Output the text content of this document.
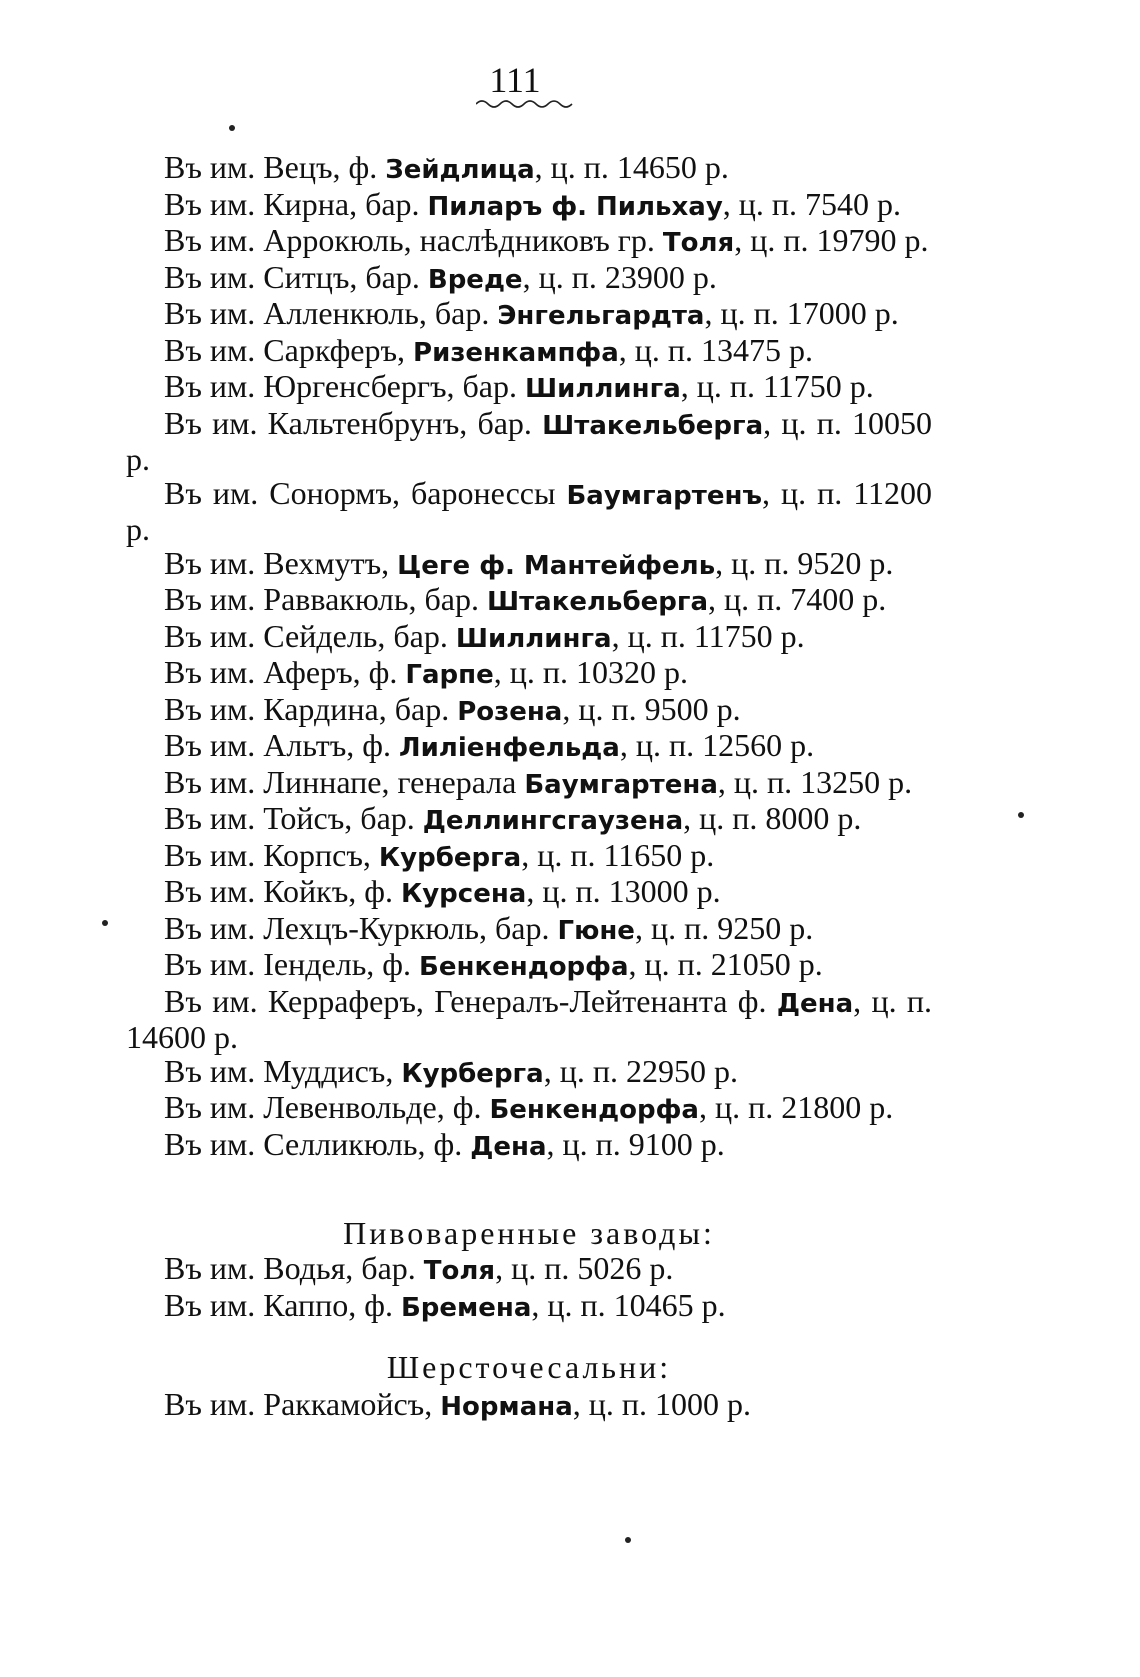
111
Въ им. Вецъ, ф. Зейдлица, ц. п. 14650 р.
Въ им. Кирна, бар. Пиларъ ф. Пильхау, ц. п. 7540 р.
Въ им. Аррокюль, наслѣдниковъ гр. Толя, ц. п. 19790 р.
Въ им. Ситцъ, бар. Вреде, ц. п. 23900 р.
Въ им. Алленкюль, бар. Энгельгардта, ц. п. 17000 р.
Въ им. Саркферъ, Ризенкампфа, ц. п. 13475 р.
Въ им. Юргенсбергъ, бар. Шиллинга, ц. п. 11750 р.
Въ им. Кальтенбрунъ, бар. Штакельберга, ц. п. 10050 р.
Въ им. Сонормъ, баронессы Баумгартенъ, ц. п. 11200 р.
Въ им. Вехмутъ, Цеге ф. Мантейфель, ц. п. 9520 р.
Въ им. Раввакюль, бар. Штакельберга, ц. п. 7400 р.
Въ им. Сейдель, бар. Шиллинга, ц. п. 11750 р.
Въ им. Аферъ, ф. Гарпе, ц. п. 10320 р.
Въ им. Кардина, бар. Розена, ц. п. 9500 р.
Въ им. Альтъ, ф. Лиліенфельда, ц. п. 12560 р.
Въ им. Линнапе, генерала Баумгартена, ц. п. 13250 р.
Въ им. Тойсъ, бар. Деллингсгаузена, ц. п. 8000 р.
Въ им. Корпсъ, Курберга, ц. п. 11650 р.
Въ им. Койкъ, ф. Курсена, ц. п. 13000 р.
Въ им. Лехцъ-Куркюль, бар. Гюне, ц. п. 9250 р.
Въ им. Іендель, ф. Бенкендорфа, ц. п. 21050 р.
Въ им. Керраферъ, Генералъ-Лейтенанта ф. Дена, ц. п. 14600 р.
Въ им. Муддисъ, Курберга, ц. п. 22950 р.
Въ им. Левенвольде, ф. Бенкендорфа, ц. п. 21800 р.
Въ им. Селликюль, ф. Дена, ц. п. 9100 р.
Пивоваренные заводы:
Въ им. Водья, бар. Толя, ц. п. 5026 р.
Въ им. Каппо, ф. Бремена, ц. п. 10465 р.
Шерсточесальни:
Въ им. Раккамойсъ, Нормана, ц. п. 1000 р.
